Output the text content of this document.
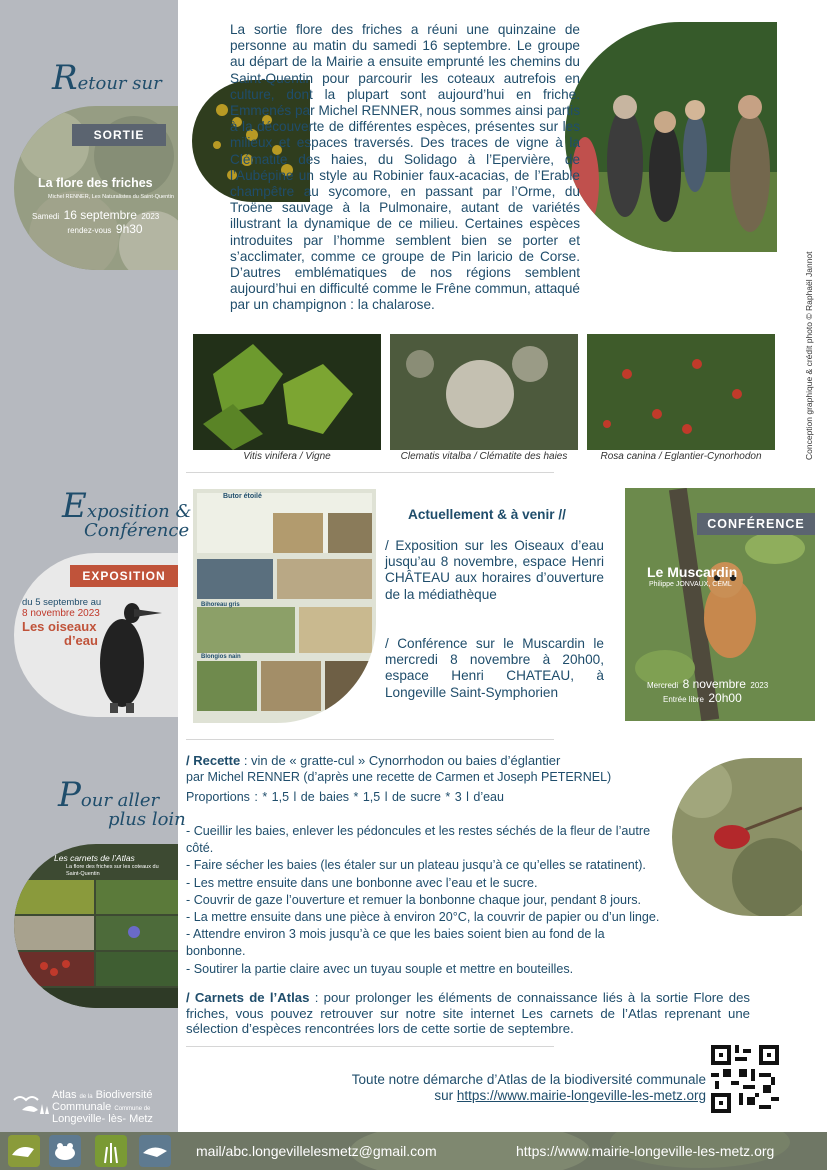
Retour sur
SORTIE
La flore des friches
Michel RENNER, Les Naturalistes du Saint-Quentin
Samedi 16 septembre 2023
rendez-vous 9h30
Exposition &
Conférence
EXPOSITION
du 5 septembre au
8 novembre 2023
Les oiseaux
d’eau
Pour aller
plus loin
Les carnets de l’Atlas
La flore des friches sur les coteaux du Saint-Quentin
Atlas de la Biodiversité
Communale Commune de
Longeville- lès- Metz
La sortie flore des friches a réuni une quinzaine de personne au matin du samedi 16 septembre. Le groupe au départ de la Mairie a ensuite emprunté les chemins du Saint-Quentin pour parcourir les coteaux autrefois en culture, dont la plupart sont aujourd’hui en friche. Emmenés par Michel RENNER, nous sommes ainsi partis à la découverte de différentes espèces, présentes sur les milieux et espaces traversés. Des traces de vigne à la Clématite des haies, du Solidago à l’Epervière, de l’Aubépine un style au Robinier faux-acacias, de l’Erable champêtre au sycomore, en passant par l’Orme, du Troëne sauvage à la Pulmonaire, autant de variétés illustrant la dynamique de ce milieu. Certaines espèces introduites par l’homme semblent bien se porter et s’acclimater, comme ce groupe de Pin laricio de Corse. D’autres emblématiques de nos régions semblent aujourd’hui en difficulté comme le Frêne commun, attaqué par un champignon : la chalarose.
Vitis vinifera / Vigne	Clematis vitalba / Clématite des haies	Rosa canina / Eglantier-Cynorhodon	Conception graphique & crédit photo © Raphaël Jannot
Butor étoilé
Bihoreau gris
Blongios nain
Actuellement & à venir //
/ Exposition sur les Oiseaux d’eau jusqu’au 8 novembre, espace Henri CHÂTEAU aux horaires d’ouverture de la médiathèque
/ Conférence sur le Muscardin le mercredi 8 novembre à 20h00, espace Henri CHATEAU, à Longeville Saint-Symphorien
CONFÉRENCE
Le Muscardin
Philippe JONVAUX, CEML
Mercredi 8 novembre 2023
Entrée libre 20h00
/ Recette : vin de « gratte-cul » Cynorrhodon ou baies d’églantier
par Michel RENNER (d’après une recette de Carmen et Joseph PETERNEL)
Proportions : * 1,5 l de baies * 1,5 l de sucre * 3 l d’eau
- Cueillir les baies, enlever les pédoncules et les restes séchés de la fleur de l’autre côté.
- Faire sécher les baies (les étaler sur un plateau jusqu’à ce qu’elles se ratatinent).
- Les mettre ensuite dans une bonbonne avec l’eau et le sucre.
- Couvrir de gaze l’ouverture et remuer la bonbonne chaque jour, pendant 8 jours.
- La mettre ensuite dans une pièce à environ 20°C, la couvrir de papier ou d’un linge.
- Attendre environ 3 mois jusqu’à ce que les baies soient bien au fond de la bonbonne.
- Soutirer la partie claire avec un tuyau souple et mettre en bouteilles.
/ Carnets de l’Atlas : pour prolonger les éléments de connaissance liés à la sortie Flore des friches, vous pouvez retrouver sur notre site internet Les carnets de l’Atlas reprenant une sélection d’espèces rencontrées lors de cette sortie de septembre.
Toute notre démarche d’Atlas de la biodiversité communale
sur https://www.mairie-longeville-les-metz.org
mail/abc.longevillelesmetz@gmail.com	https://www.mairie-longeville-les-metz.org
